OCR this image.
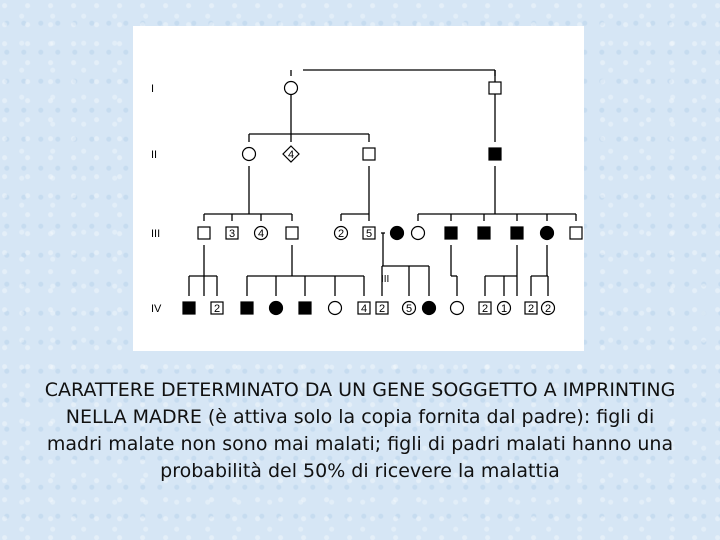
4
3 4	2 5
2	4 2 5	2 1 2 2
I
II
III
IV
III
CARATTERE DETERMINATO DA UN GENE SOGGETTO A IMPRINTING NELLA MADRE (è attiva solo la copia fornita dal padre): figli di madri malate non sono mai malati; figli di padri malati hanno una probabilità del 50% di ricevere la malattia
